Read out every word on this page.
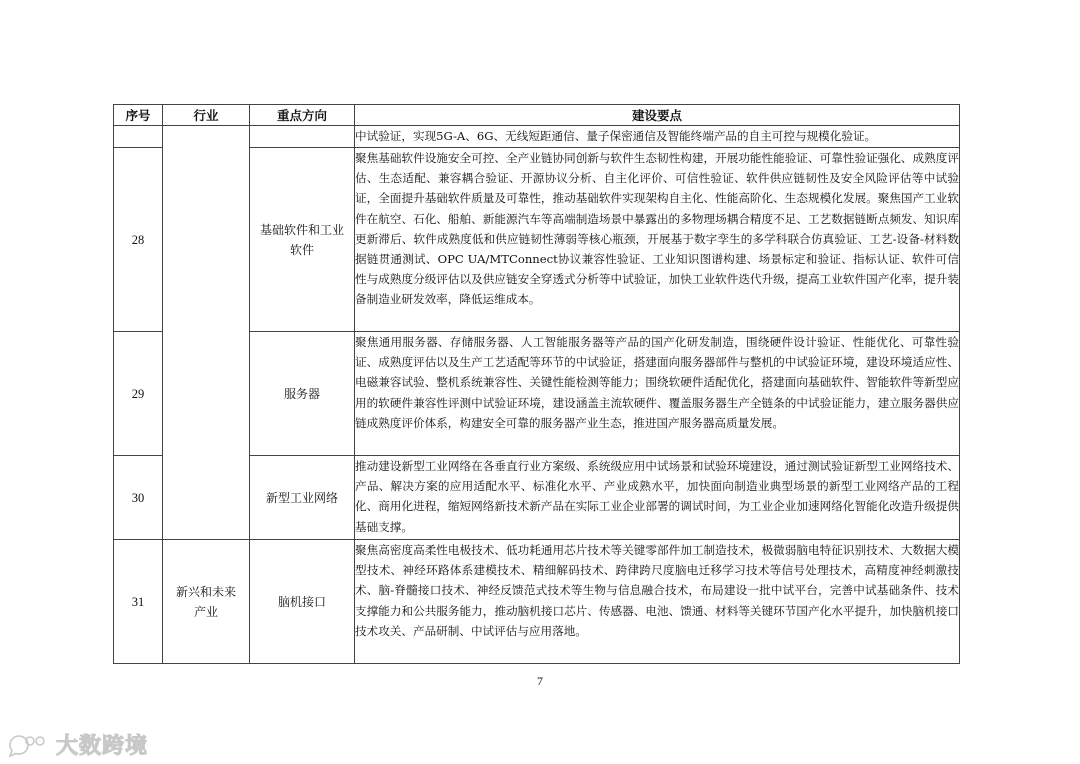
序号	行业	重点方向	建设要点
			中试验证，实现5G-A、6G、无线短距通信、量子保密通信及智能终端产品的自主可控与规模化验证。
28		基础软件和工业软件	聚焦基础软件设施安全可控、全产业链协同创新与软件生态韧性构建，开展功能性能验证、可靠性验证强化、成熟度评估、生态适配、兼容耦合验证、开源协议分析、自主化评价、可信性验证、软件供应链韧性及安全风险评估等中试验证，全面提升基础软件质量及可靠性，推动基础软件实现架构自主化、性能高阶化、生态规模化发展。聚焦国产工业软件在航空、石化、船舶、新能源汽车等高端制造场景中暴露出的多物理场耦合精度不足、工艺数据链断点频发、知识库更新滞后、软件成熟度低和供应链韧性薄弱等核心瓶颈，开展基于数字孪生的多学科联合仿真验证、工艺-设备-材料数据链贯通测试、OPC UA/MTConnect协议兼容性验证、工业知识图谱构建、场景标定和验证、指标认证、软件可信性与成熟度分级评估以及供应链安全穿透式分析等中试验证，加快工业软件迭代升级，提高工业软件国产化率，提升装备制造业研发效率，降低运维成本。
29		服务器	聚焦通用服务器、存储服务器、人工智能服务器等产品的国产化研发制造，围绕硬件设计验证、性能优化、可靠性验证、成熟度评估以及生产工艺适配等环节的中试验证，搭建面向服务器部件与整机的中试验证环境，建设环境适应性、电磁兼容试验、整机系统兼容性、关键性能检测等能力；围绕软硬件适配优化，搭建面向基础软件、智能软件等新型应用的软硬件兼容性评测中试验证环境，建设涵盖主流软硬件、覆盖服务器生产全链条的中试验证能力，建立服务器供应链成熟度评价体系，构建安全可靠的服务器产业生态，推进国产服务器高质量发展。
30		新型工业网络	推动建设新型工业网络在各垂直行业方案级、系统级应用中试场景和试验环境建设，通过测试验证新型工业网络技术、产品、解决方案的应用适配水平、标准化水平、产业成熟水平，加快面向制造业典型场景的新型工业网络产品的工程化、商用化进程，缩短网络新技术新产品在实际工业企业部署的调试时间，为工业企业加速网络化智能化改造升级提供基础支撑。
31	新兴和未来产业	脑机接口	聚焦高密度高柔性电极技术、低功耗通用芯片技术等关键零部件加工制造技术，极微弱脑电特征识别技术、大数据大模型技术、神经环路体系建模技术、精细解码技术、跨律跨尺度脑电迁移学习技术等信号处理技术，高精度神经刺激技术、脑-脊髓接口技术、神经反馈范式技术等生物与信息融合技术，布局建设一批中试平台，完善中试基础条件、技术支撑能力和公共服务能力，推动脑机接口芯片、传感器、电池、馈通、材料等关键环节国产化水平提升，加快脑机接口技术攻关、产品研制、中试评估与应用落地。
7
大数跨境
